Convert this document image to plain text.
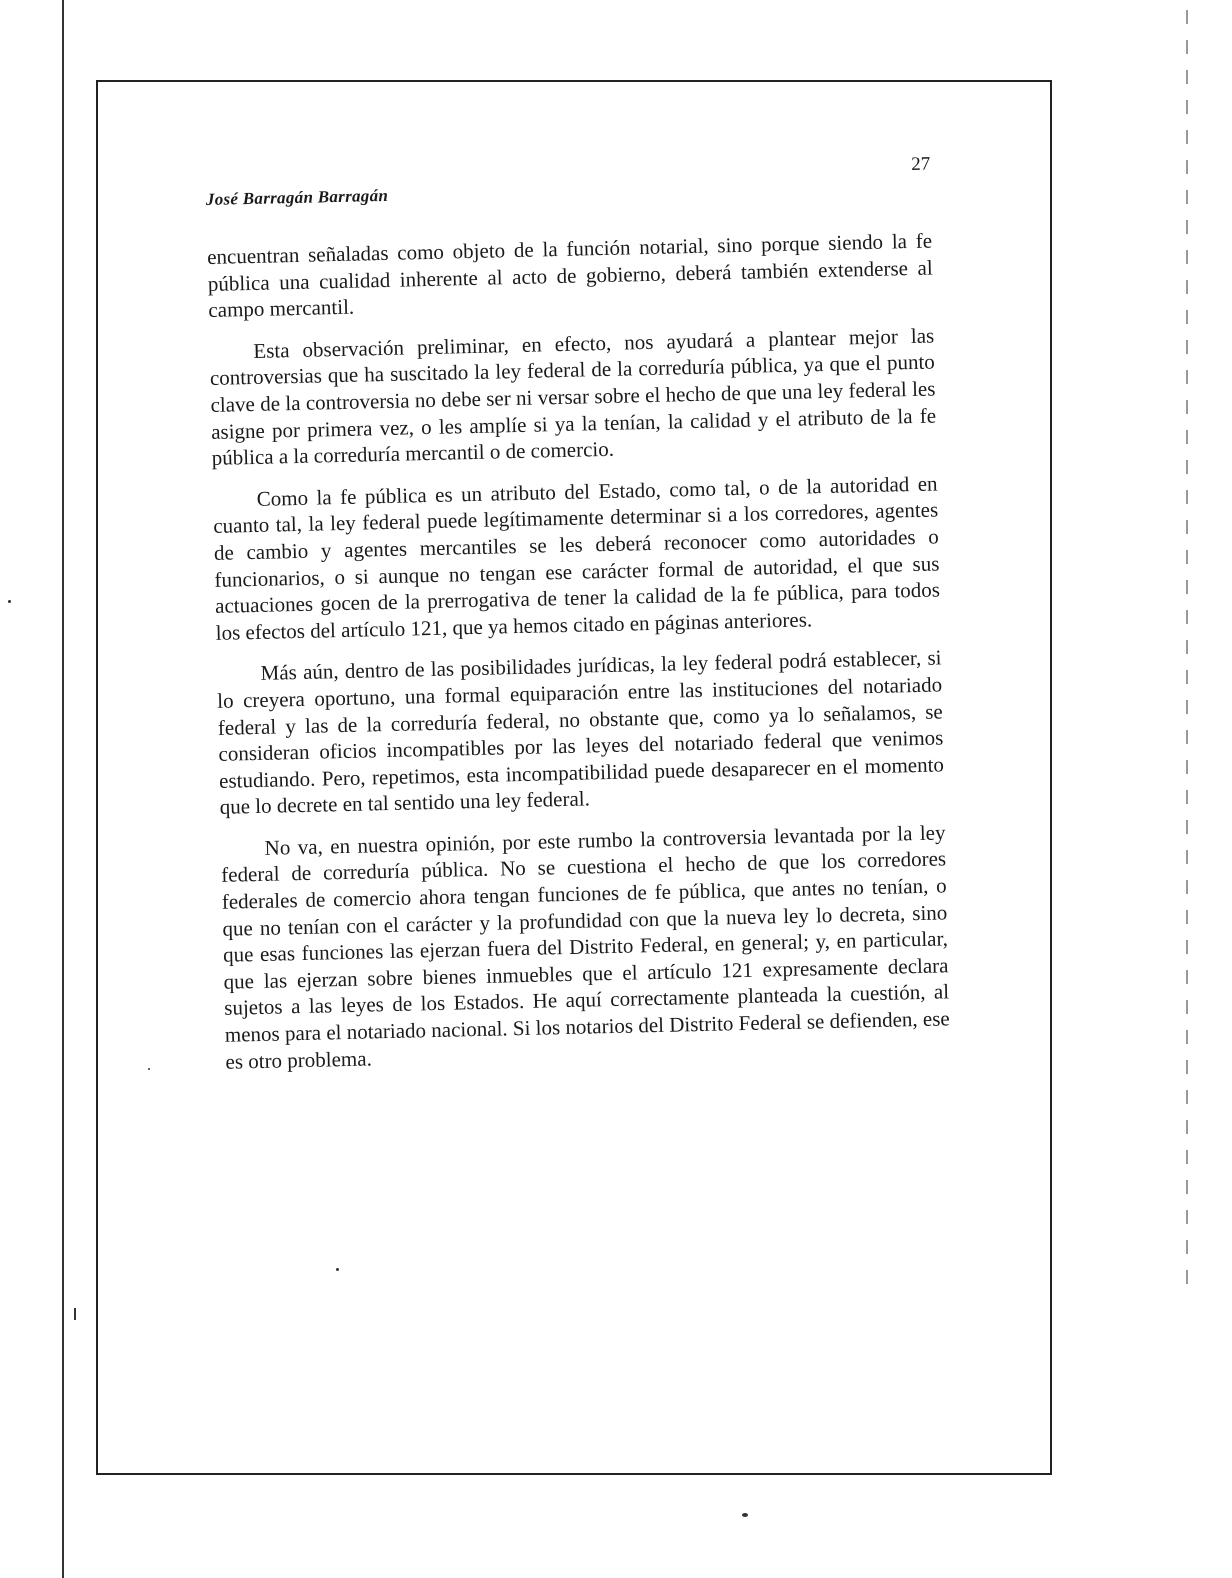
José Barragán Barragán
27

encuentran señaladas como objeto de la función notarial, sino porque siendo la fe pública una cualidad inherente al acto de gobierno, deberá también extenderse al campo mercantil.

Esta observación preliminar, en efecto, nos ayudará a plantear mejor las controversias que ha suscitado la ley federal de la correduría pública, ya que el punto clave de la controversia no debe ser ni versar sobre el hecho de que una ley federal les asigne por primera vez, o les amplíe si ya la tenían, la calidad y el atributo de la fe pública a la correduría mercantil o de comercio.

Como la fe pública es un atributo del Estado, como tal, o de la autoridad en cuanto tal, la ley federal puede legítimamente determinar si a los corredores, agentes de cambio y agentes mercantiles se les deberá reconocer como autoridades o funcionarios, o si aunque no tengan ese carácter formal de autoridad, el que sus actuaciones gocen de la prerrogativa de tener la calidad de la fe pública, para todos los efectos del artículo 121, que ya hemos citado en páginas anteriores.

Más aún, dentro de las posibilidades jurídicas, la ley federal podrá establecer, si lo creyera oportuno, una formal equiparación entre las instituciones del notariado federal y las de la correduría federal, no obstante que, como ya lo señalamos, se consideran oficios incompatibles por las leyes del notariado federal que venimos estudiando. Pero, repetimos, esta incompatibilidad puede desaparecer en el momento que lo decrete en tal sentido una ley federal.

No va, en nuestra opinión, por este rumbo la controversia levantada por la ley federal de correduría pública. No se cuestiona el hecho de que los corredores federales de comercio ahora tengan funciones de fe pública, que antes no tenían, o que no tenían con el carácter y la profundidad con que la nueva ley lo decreta, sino que esas funciones las ejerzan fuera del Distrito Federal, en general; y, en particular, que las ejerzan sobre bienes inmuebles que el artículo 121 expresamente declara sujetos a las leyes de los Estados. He aquí correctamente planteada la cuestión, al menos para el notariado nacional. Si los notarios del Distrito Federal se defienden, ese es otro problema.
